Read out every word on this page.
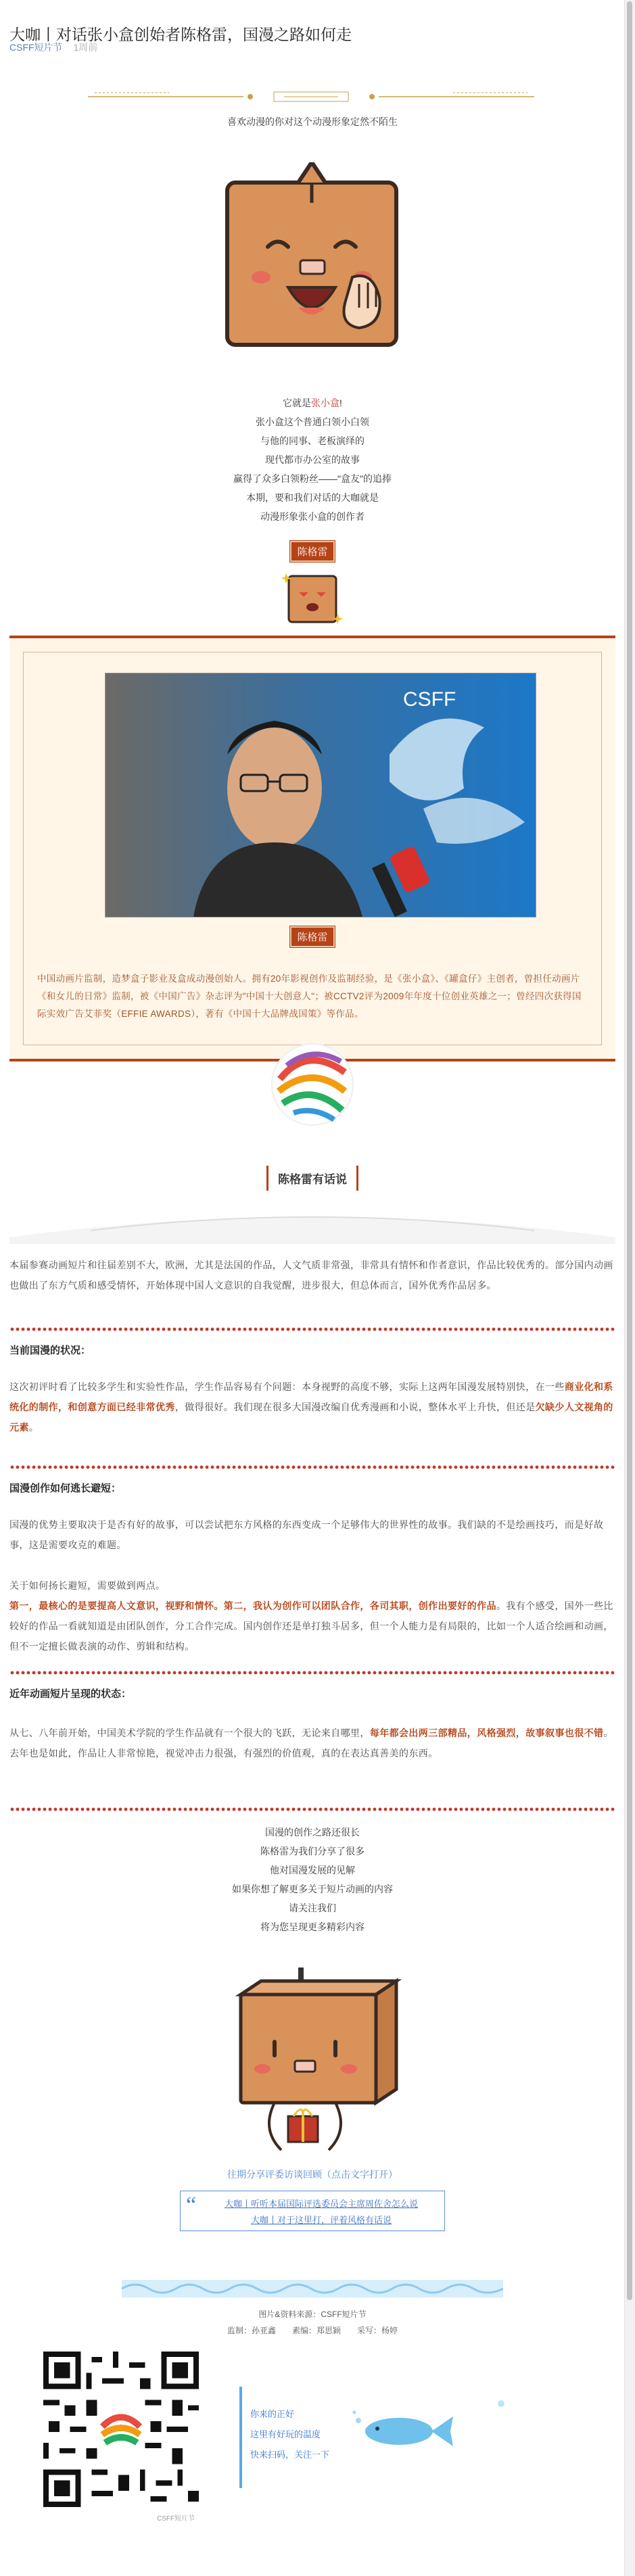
大咖丨对话张小盒创始者陈格雷，国漫之路如何走
CSFF短片节 1周前
喜欢动漫的你对这个动漫形象定然不陌生
它就是张小盒!
张小盒这个普通白领小白领
与他的同事、老板演绎的
现代都市办公室的故事
赢得了众多白领粉丝——"盒友"的追捧
本期，要和我们对话的大咖就是
动漫形象张小盒的创作者
陈格雷
CSFF
陈格雷
中国动画片监制，造梦盒子影业及盒成动漫创始人。拥有20年影视创作及监制经验，是《张小盒》、《罐盒仔》主创者，曾担任动画片《和女儿的日常》监制，被《中国广告》杂志评为"中国十大创意人"；被CCTV2评为2009年年度十位创业英雄之一；曾经四次获得国际实效广告艾菲奖（EFFIE AWARDS），著有《中国十大品牌战国策》等作品。
陈格雷有话说
本届参赛动画短片和往届差别不大，欧洲，尤其是法国的作品，人文气质非常强，非常具有情怀和作者意识，作品比较优秀的。部分国内动画也做出了东方气质和感受情怀，开始体现中国人文意识的自我觉醒，进步很大，但总体而言，国外优秀作品居多。
当前国漫的状况：
这次初评时看了比较多学生和实验性作品，学生作品容易有个问题：本身视野的高度不够，实际上这两年国漫发展特别快，在一些商业化和系统化的制作，和创意方面已经非常优秀，做得很好。我们现在很多大国漫改编自优秀漫画和小说，整体水平上升快，但还是欠缺少人文视角的元素。
国漫创作如何逃长避短：
国漫的优势主要取决于是否有好的故事，可以尝试把东方风格的东西变成一个足够伟大的世界性的故事。我们缺的不是绘画技巧，而是好故事，这是需要攻克的难题。
关于如何扬长避短，需要做到两点。
第一，最核心的是要提高人文意识，视野和情怀。第二，我认为创作可以团队合作，各司其职，创作出要好的作品。我有个感受，国外一些比较好的作品一看就知道是由团队创作，分工合作完成。国内创作还是单打独斗居多，但一个人能力是有局限的，比如一个人适合绘画和动画，但不一定擅长做表演的动作、剪辑和结构。
近年动画短片呈现的状态：
从七、八年前开始，中国美术学院的学生作品就有一个很大的飞跃，无论来自哪里，每年都会出两三部精品，风格强烈，故事叙事也很不错。去年也是如此，作品让人非常惊艳，视觉冲击力很强，有强烈的价值观，真的在表达真善美的东西。
国漫的创作之路还很长
陈格雷为我们分享了很多
他对国漫发展的见解
如果你想了解更多关于短片动画的内容
请关注我们
将为您呈现更多精彩内容
往期分享评委访谈回顾（点击文字打开）
“	大咖丨听听本届国际评选委员会主席周佐舍怎么说
大咖丨对于这里打，评着风格有话说
图片&资料来源：CSFF短片节
监制：孙亚鑫　　素编：郑思颖　　采写：杨婷
CSFF短片节
你来的正好
这里有好玩的温度
快来扫码，关注一下
